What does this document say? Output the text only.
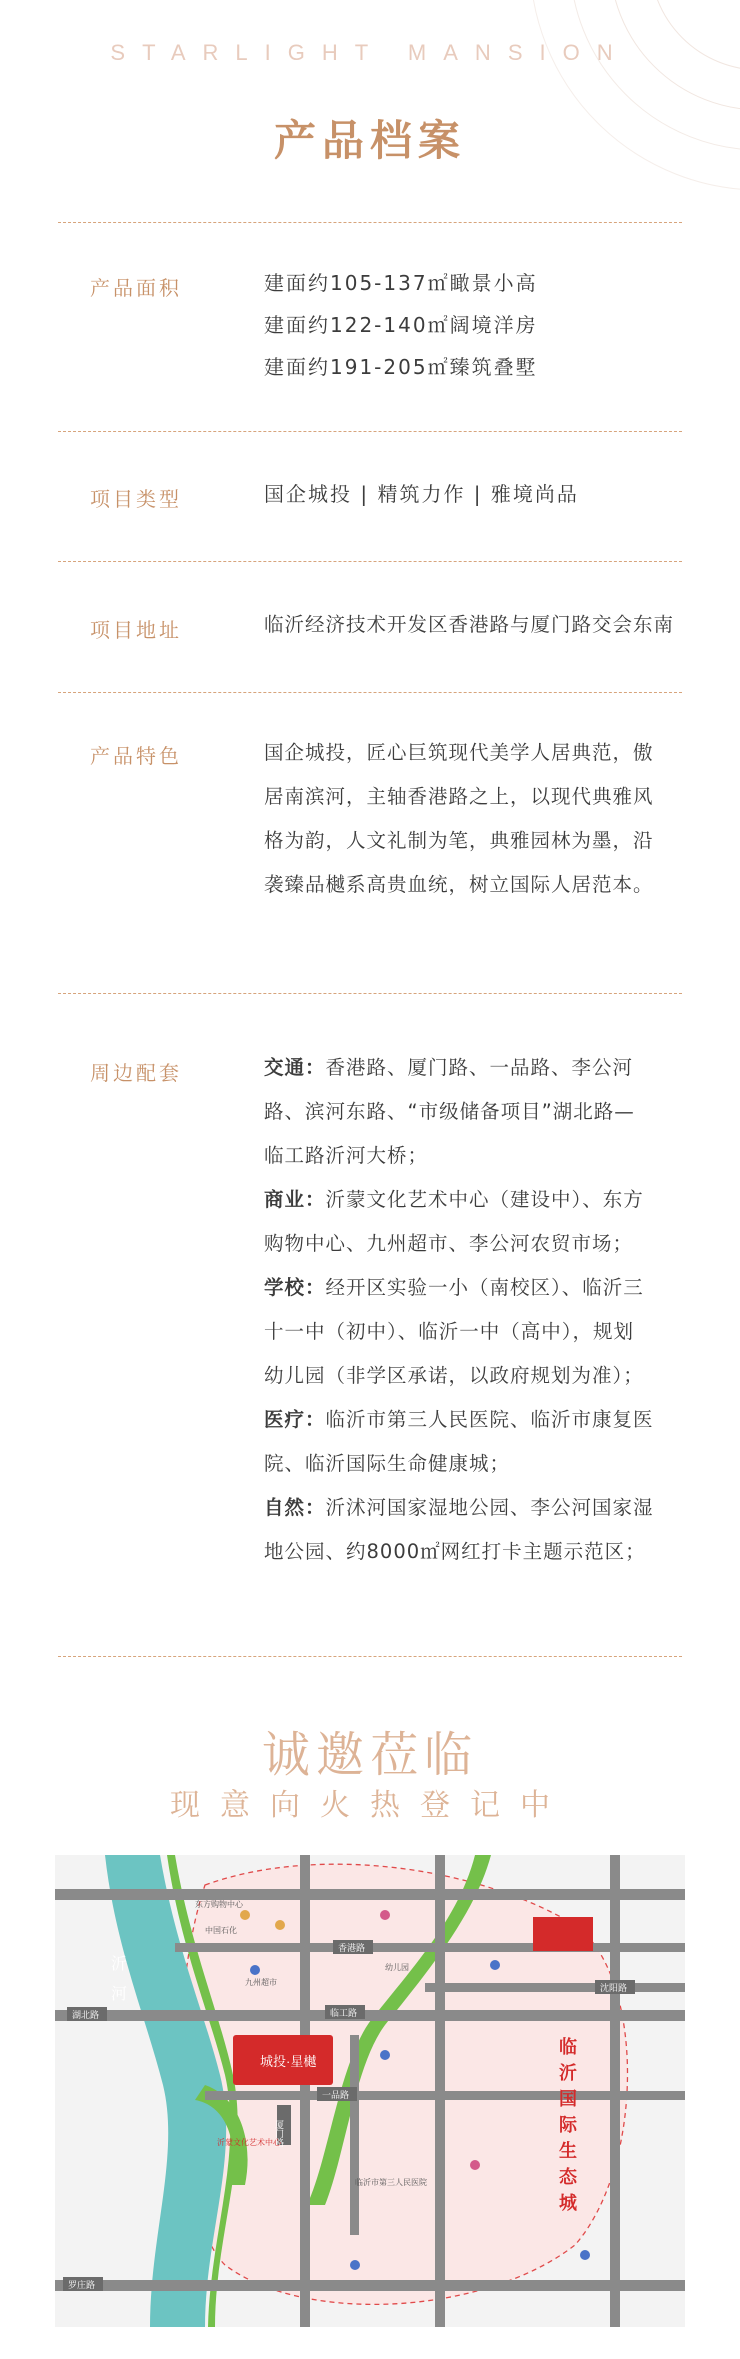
STARLIGHT MANSION
产品档案
产品面积	建面约105-137㎡瞰景小高
建面约122-140㎡阔境洋房
建面约191-205㎡臻筑叠墅
项目类型	国企城投 | 精筑力作 | 雅境尚品
项目地址	临沂经济技术开发区香港路与厦门路交会东南
产品特色	国企城投，匠心巨筑现代美学人居典范，傲
居南滨河，主轴香港路之上，以现代典雅风
格为韵，人文礼制为笔，典雅园林为墨，沿
袭臻品樾系高贵血统，树立国际人居范本。
周边配套	交通：香港路、厦门路、一品路、李公河
路、滨河东路、“市级储备项目”湖北路—
临工路沂河大桥；
商业：沂蒙文化艺术中心（建设中）、东方
购物中心、九州超市、李公河农贸市场；
学校：经开区实验一小（南校区）、临沂三
十一中（初中）、临沂一中（高中），规划
幼儿园（非学区承诺，以政府规划为准）；
医疗：临沂市第三人民医院、临沂市康复医
院、临沂国际生命健康城；
自然：沂沭河国家湿地公园、李公河国家湿
地公园、约8000㎡网红打卡主题示范区；
诚邀莅临
现意向火热登记中
香港路
临工路
一品路
湖北路
沈阳路
罗庄路
厦门路
沂河	幼儿园
中国石化
沂蒙文化艺术中心
九州超市
东方购物中心
临沂市第三人民医院
城投·星樾	临沂国际生态城
